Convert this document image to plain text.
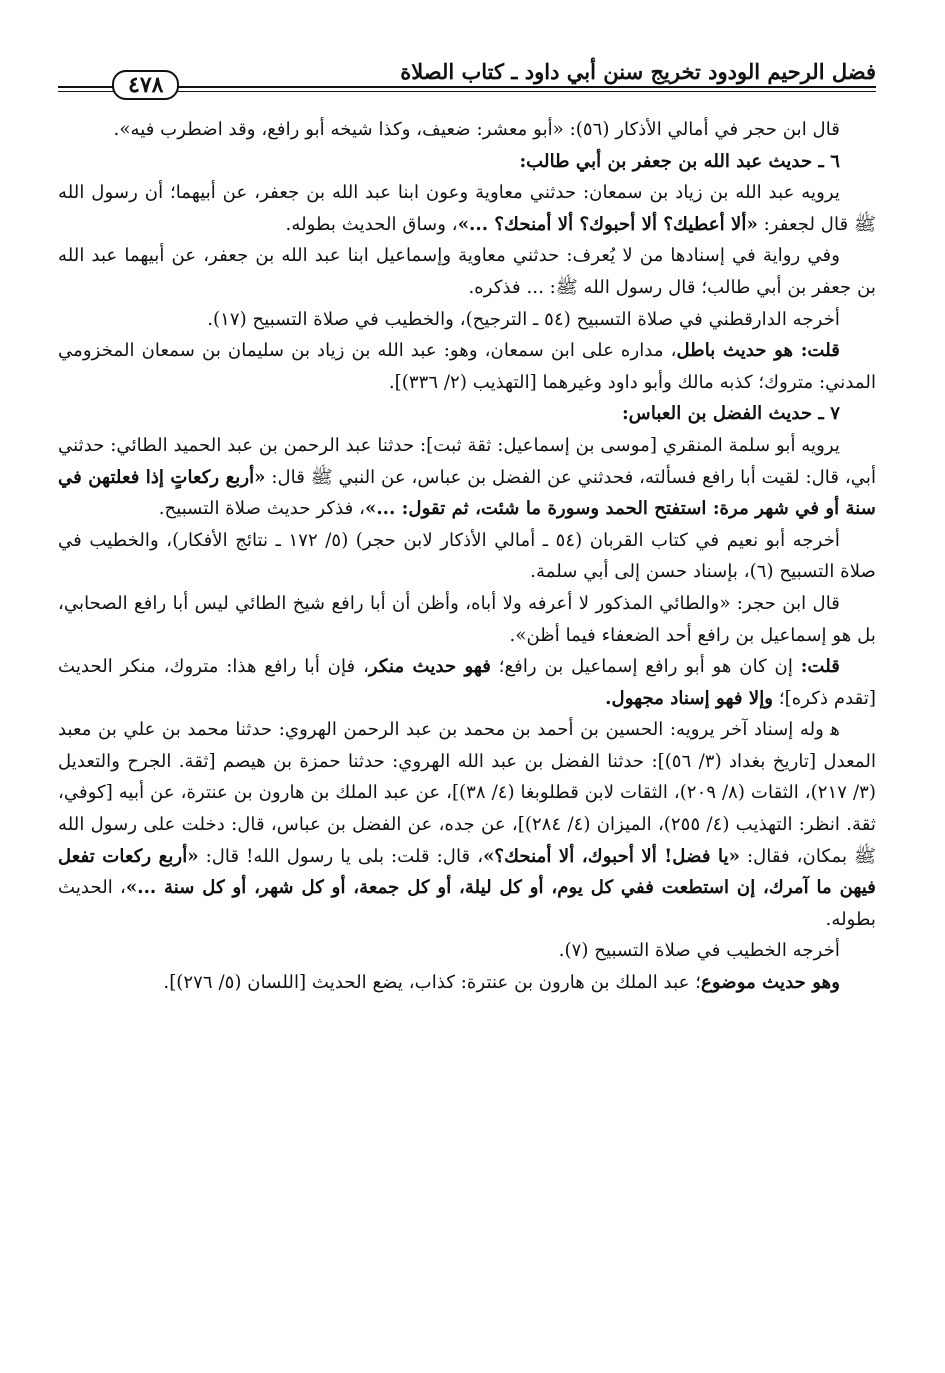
فضل الرحيم الودود تخريج سنن أبي داود ـ كتاب الصلاة
٤٧٨

قال ابن حجر في أمالي الأذكار (٥٦): «أبو معشر: ضعيف، وكذا شيخه أبو رافع، وقد اضطرب فيه».

٦ ـ حديث عبد الله بن جعفر بن أبي طالب:

يرويه عبد الله بن زياد بن سمعان: حدثني معاوية وعون ابنا عبد الله بن جعفر، عن أبيهما؛ أن رسول الله ﷺ قال لجعفر: «ألا أعطيك؟ ألا أحبوك؟ ألا أمنحك؟ ...»، وساق الحديث بطوله.

وفي رواية في إسنادها من لا يُعرف: حدثني معاوية وإسماعيل ابنا عبد الله بن جعفر، عن أبيهما عبد الله بن جعفر بن أبي طالب؛ قال رسول الله ﷺ: ... فذكره.

أخرجه الدارقطني في صلاة التسبيح (٥٤ ـ الترجيح)، والخطيب في صلاة التسبيح (١٧).

قلت: هو حديث باطل، مداره على ابن سمعان، وهو: عبد الله بن زياد بن سليمان بن سمعان المخزومي المدني: متروك؛ كذبه مالك وأبو داود وغيرهما [التهذيب (٢/ ٣٣٦)].

٧ ـ حديث الفضل بن العباس:

يرويه أبو سلمة المنقري [موسى بن إسماعيل: ثقة ثبت]: حدثنا عبد الرحمن بن عبد الحميد الطائي: حدثني أبي، قال: لقيت أبا رافع فسألته، فحدثني عن الفضل بن عباس، عن النبي ﷺ قال: «أربع ركعاتٍ إذا فعلتهن في سنة أو في شهر مرة: استفتح الحمد وسورة ما شئت، ثم تقول: ...»، فذكر حديث صلاة التسبيح.

أخرجه أبو نعيم في كتاب القربان (٥٤ ـ أمالي الأذكار لابن حجر) (٥/ ١٧٢ ـ نتائج الأفكار)، والخطيب في صلاة التسبيح (٦)، بإسناد حسن إلى أبي سلمة.

قال ابن حجر: «والطائي المذكور لا أعرفه ولا أباه، وأظن أن أبا رافع شيخ الطائي ليس أبا رافع الصحابي، بل هو إسماعيل بن رافع أحد الضعفاء فيما أظن».

قلت: إن كان هو أبو رافع إسماعيل بن رافع؛ فهو حديث منكر، فإن أبا رافع هذا: متروك، منكر الحديث [تقدم ذكره]؛ وإلا فهو إسناد مجهول.

ﻫ وله إسناد آخر يرويه: الحسين بن أحمد بن محمد بن عبد الرحمن الهروي: حدثنا محمد بن علي بن معبد المعدل [تاريخ بغداد (٣/ ٥٦)]: حدثنا الفضل بن عبد الله الهروي: حدثنا حمزة بن هيصم [ثقة. الجرح والتعديل (٣/ ٢١٧)، الثقات (٨/ ٢٠٩)، الثقات لابن قطلوبغا (٤/ ٣٨)]، عن عبد الملك بن هارون بن عنترة، عن أبيه [كوفي، ثقة. انظر: التهذيب (٤/ ٢٥٥)، الميزان (٤/ ٢٨٤)]، عن جده، عن الفضل بن عباس، قال: دخلت على رسول الله ﷺ بمكان، فقال: «يا فضل! ألا أحبوك، ألا أمنحك؟»، قال: قلت: بلى يا رسول الله! قال: «أربع ركعات تفعل فيهن ما آمرك، إن استطعت ففي كل يوم، أو كل ليلة، أو كل جمعة، أو كل شهر، أو كل سنة ...»، الحديث بطوله.

أخرجه الخطيب في صلاة التسبيح (٧).

وهو حديث موضوع؛ عبد الملك بن هارون بن عنترة: كذاب، يضع الحديث [اللسان (٥/ ٢٧٦)].
